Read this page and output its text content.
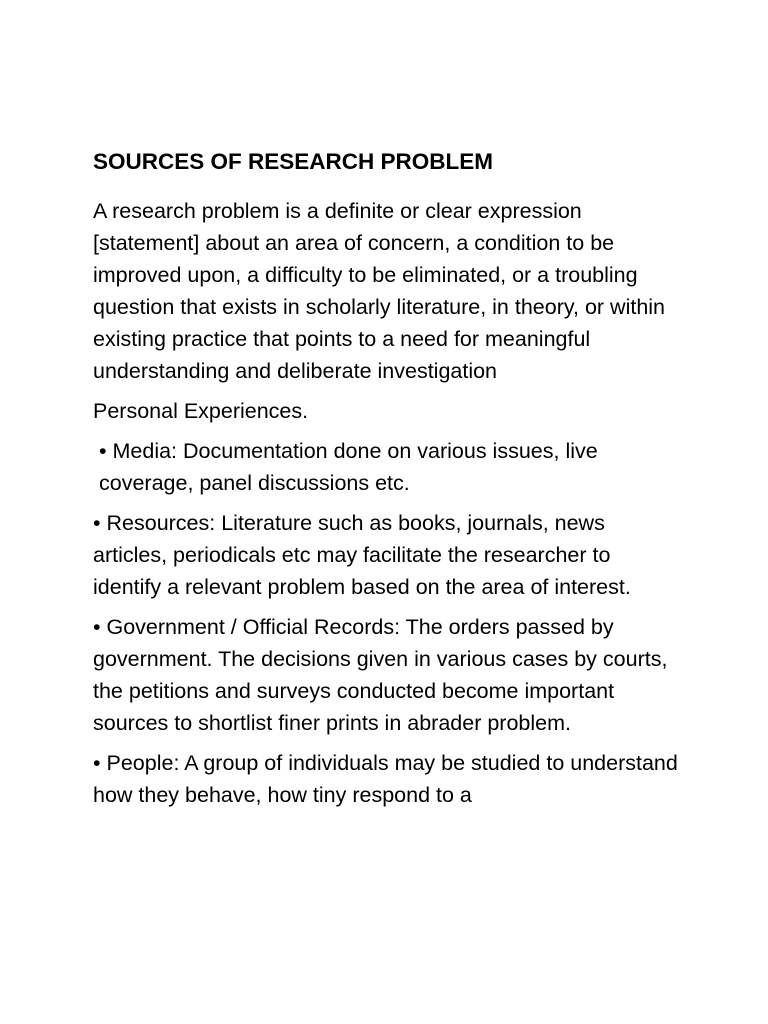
SOURCES OF RESEARCH PROBLEM

A research problem is a definite or clear expression [statement] about an area of concern, a condition to be improved upon, a difficulty to be eliminated, or a troubling question that exists in scholarly literature, in theory, or within existing practice that points to a need for meaningful understanding and deliberate investigation

Personal Experiences.

• Media: Documentation done on various issues, live coverage, panel discussions etc.

• Resources: Literature such as books, journals, news articles, periodicals etc may facilitate the researcher to identify a relevant problem based on the area of interest.

• Government / Official Records: The orders passed by government. The decisions given in various cases by courts, the petitions and surveys conducted become important sources to shortlist finer prints in abrader problem.

• People: A group of individuals may be studied to understand how they behave, how tiny respond to a
